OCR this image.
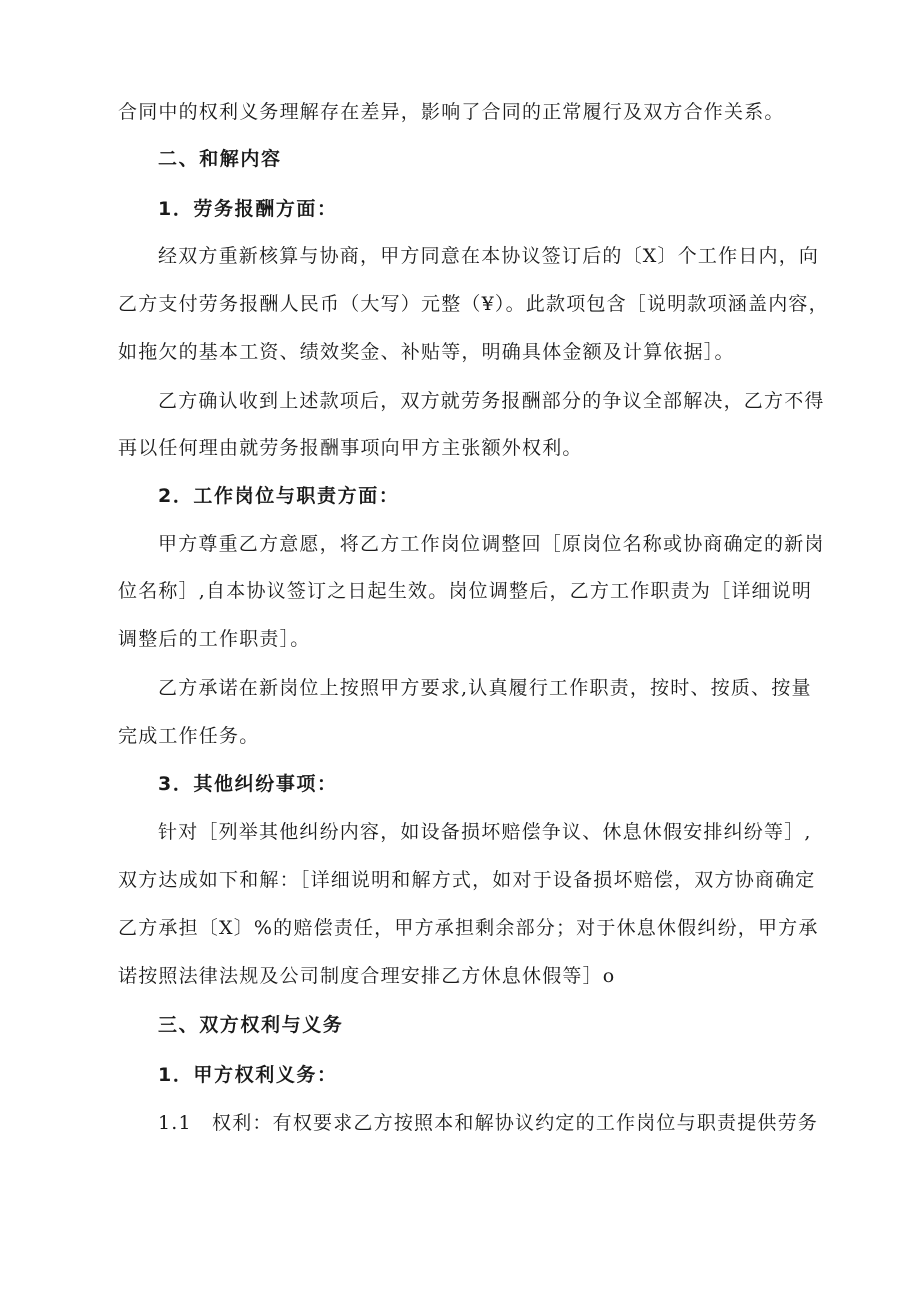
合同中的权利义务理解存在差异，影响了合同的正常履行及双方合作关系。
二、和解内容
1．劳务报酬方面：
经双方重新核算与协商，甲方同意在本协议签订后的〔X〕个工作日内，向
乙方支付劳务报酬人民币（大写）元整（¥）。此款项包含［说明款项涵盖内容，
如拖欠的基本工资、绩效奖金、补贴等，明确具体金额及计算依据］。
乙方确认收到上述款项后，双方就劳务报酬部分的争议全部解决，乙方不得
再以任何理由就劳务报酬事项向甲方主张额外权利。
2．工作岗位与职责方面：
甲方尊重乙方意愿，将乙方工作岗位调整回［原岗位名称或协商确定的新岗
位名称］,自本协议签订之日起生效。岗位调整后，乙方工作职责为［详细说明
调整后的工作职责］。
乙方承诺在新岗位上按照甲方要求,认真履行工作职责，按时、按质、按量
完成工作任务。
3．其他纠纷事项：
针对［列举其他纠纷内容，如设备损坏赔偿争议、休息休假安排纠纷等］,
双方达成如下和解：［详细说明和解方式，如对于设备损坏赔偿，双方协商确定
乙方承担〔X〕%的赔偿责任，甲方承担剩余部分；对于休息休假纠纷，甲方承
诺按照法律法规及公司制度合理安排乙方休息休假等］o
三、双方权利与义务
1．甲方权利义务：
1.1　权利：有权要求乙方按照本和解协议约定的工作岗位与职责提供劳务
